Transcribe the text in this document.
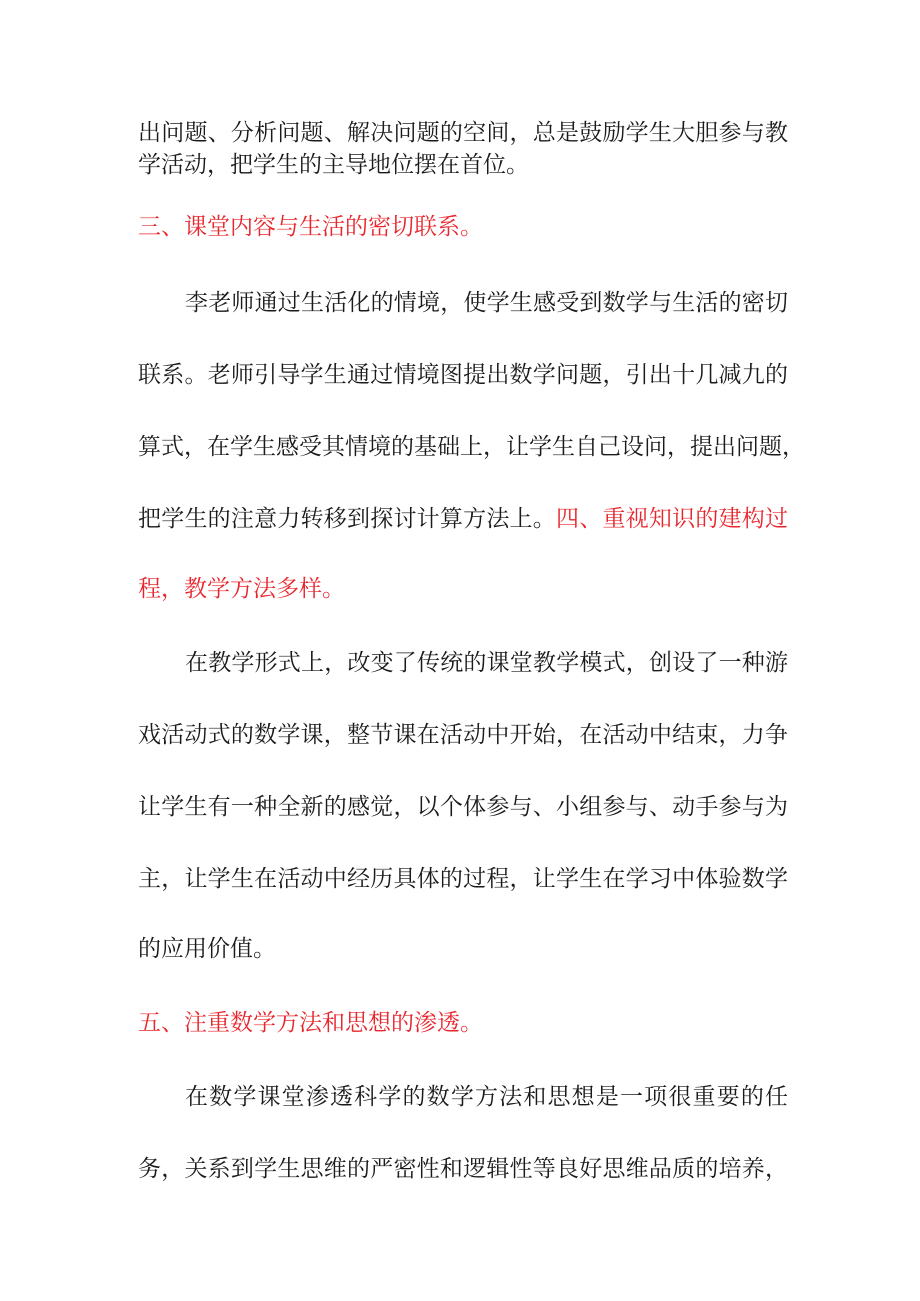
出问题、分析问题、解决问题的空间，总是鼓励学生大胆参与教
学活动，把学生的主导地位摆在首位。
三、课堂内容与生活的密切联系。
李老师通过生活化的情境，使学生感受到数学与生活的密切
联系。老师引导学生通过情境图提出数学问题，引出十几减九的
算式，在学生感受其情境的基础上，让学生自己设问，提出问题，
把学生的注意力转移到探讨计算方法上。四、重视知识的建构过
程，教学方法多样。
在教学形式上，改变了传统的课堂教学模式，创设了一种游
戏活动式的数学课，整节课在活动中开始，在活动中结束，力争
让学生有一种全新的感觉，以个体参与、小组参与、动手参与为
主，让学生在活动中经历具体的过程，让学生在学习中体验数学
的应用价值。
五、注重数学方法和思想的渗透。
在数学课堂渗透科学的数学方法和思想是一项很重要的任
务，关系到学生思维的严密性和逻辑性等良好思维品质的培养，
